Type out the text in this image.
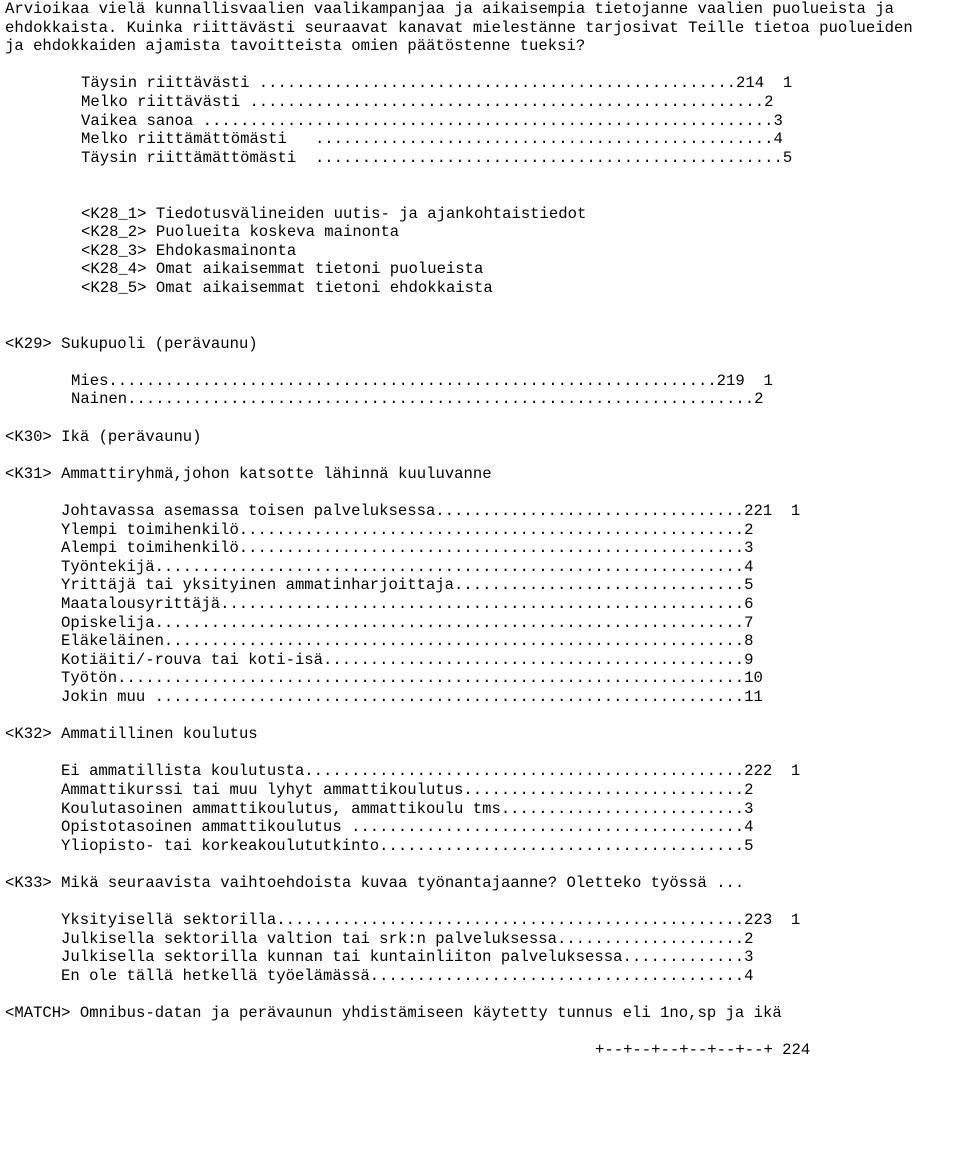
Arvioikaa vielä kunnallisvaalien vaalikampanjaa ja aikaisempia tietojanne vaalien puolueista ja
ehdokkaista. Kuinka riittävästi seuraavat kanavat mielestänne tarjosivat Teille tietoa puolueiden
ja ehdokkaiden ajamista tavoitteista omien päätöstenne tueksi?
Täysin riittävästi ...................................................214  1
Melko riittävästi .......................................................2
Vaikea sanoa .............................................................3
Melko riittämättömästi   .................................................4
Täysin riittämättömästi  ..................................................5
<K28_1> Tiedotusvälineiden uutis- ja ajankohtaistiedot
<K28_2> Puolueita koskeva mainonta
<K28_3> Ehdokasmainonta
<K28_4> Omat aikaisemmat tietoni puolueista
<K28_5> Omat aikaisemmat tietoni ehdokkaista
<K29> Sukupuoli (perävaunu)
Mies.................................................................219  1
Nainen...................................................................2
<K30> Ikä (perävaunu)
<K31> Ammattiryhmä,johon katsotte lähinnä kuuluvanne
Johtavassa asemassa toisen palveluksessa.................................221  1
Ylempi toimihenkilö......................................................2
Alempi toimihenkilö......................................................3
Työntekijä...............................................................4
Yrittäjä tai yksityinen ammatinharjoittaja...............................5
Maatalousyrittäjä........................................................6
Opiskelija...............................................................7
Eläkeläinen..............................................................8
Kotiäiti/-rouva tai koti-isä.............................................9
Työtön...................................................................10
Jokin muu ...............................................................11
<K32> Ammatillinen koulutus
Ei ammatillista koulutusta...............................................222  1
Ammattikurssi tai muu lyhyt ammattikoulutus..............................2
Koulutasoinen ammattikoulutus, ammattikoulu tms..........................3
Opistotasoinen ammattikoulutus ..........................................4
Yliopisto- tai korkeakoulututkinto.......................................5
<K33> Mikä seuraavista vaihtoehdoista kuvaa työnantajaanne? Oletteko työssä ...
Yksityisellä sektorilla..................................................223  1
Julkisella sektorilla valtion tai srk:n palveluksessa....................2
Julkisella sektorilla kunnan tai kuntainliiton palveluksessa.............3
En ole tällä hetkellä työelämässä........................................4
<MATCH> Omnibus-datan ja perävaunun yhdistämiseen käytetty tunnus eli 1no,sp ja ikä
+--+--+--+--+--+--+ 224
